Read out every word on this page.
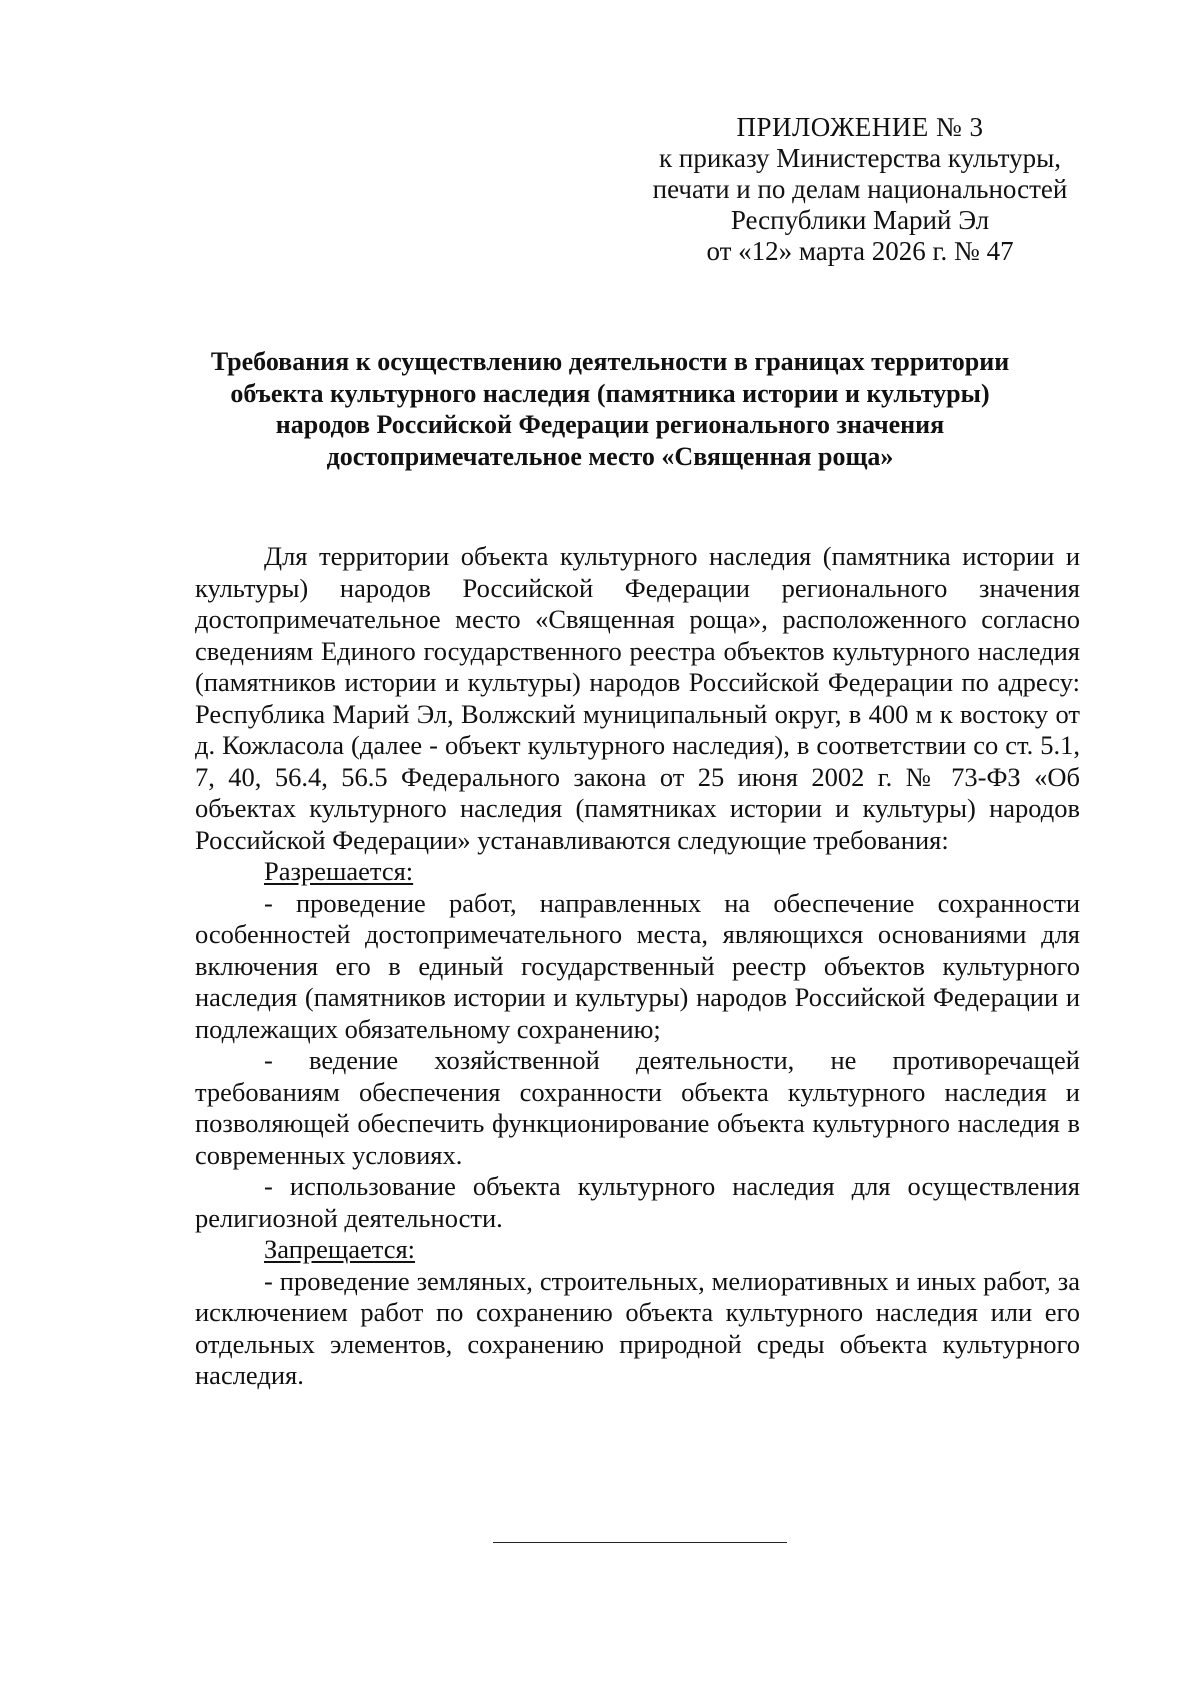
ПРИЛОЖЕНИЕ № 3
к приказу Министерства культуры,
печати и по делам национальностей
Республики Марий Эл
от «12» марта 2026 г. № 47
Требования к осуществлению деятельности в границах территории
объекта культурного наследия (памятника истории и культуры)
народов Российской Федерации регионального значения
достопримечательное место «Священная роща»

Для территории объекта культурного наследия (памятника истории и культуры) народов Российской Федерации регионального значения достопримечательное место «Священная роща», расположенного согласно сведениям Единого государственного реестра объектов культурного наследия (памятников истории и культуры) народов Российской Федерации по адресу: Республика Марий Эл, Волжский муниципальный округ, в 400 м к востоку от д. Кожласола (далее - объект культурного наследия), в соответствии со ст. 5.1, 7, 40, 56.4, 56.5 Федерального закона от 25 июня 2002 г. № 73-ФЗ «Об объектах культурного наследия (памятниках истории и культуры) народов Российской Федерации» устанавливаются следующие требования:

Разрешается:

- проведение работ, направленных на обеспечение сохранности особенностей достопримечательного места, являющихся основаниями для включения его в единый государственный реестр объектов культурного наследия (памятников истории и культуры) народов Российской Федерации и подлежащих обязательному сохранению;

- ведение хозяйственной деятельности, не противоречащей требованиям обеспечения сохранности объекта культурного наследия и позволяющей обеспечить функционирование объекта культурного наследия в современных условиях.

- использование объекта культурного наследия для осуществления религиозной деятельности.

Запрещается:

- проведение земляных, строительных, мелиоративных и иных работ, за исключением работ по сохранению объекта культурного наследия или его отдельных элементов, сохранению природной среды объекта культурного наследия.
